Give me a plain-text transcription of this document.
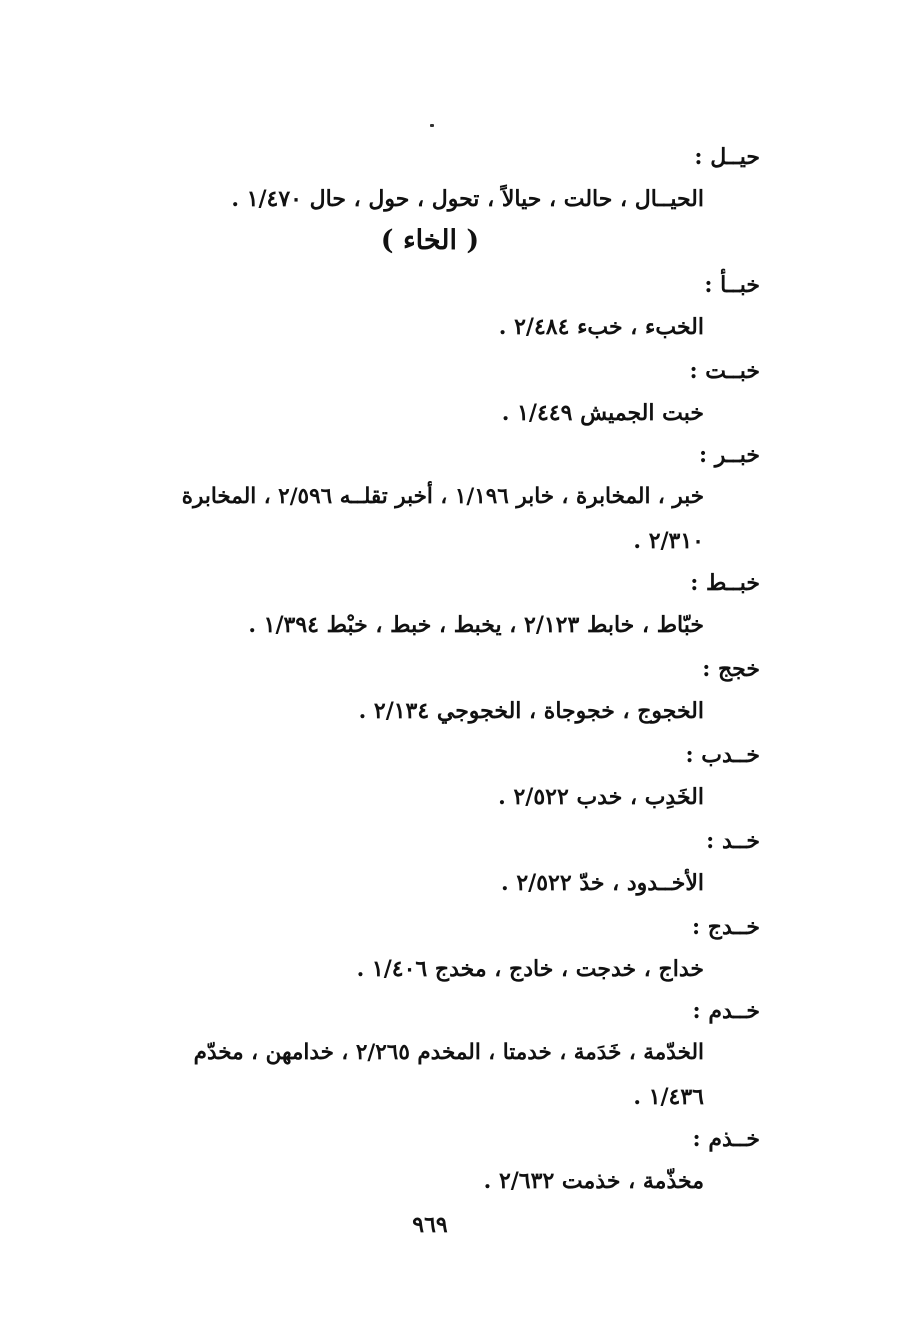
حيــل :
الحيــال ، حالت ، حيالاً ، تحول ، حول ، حال ١/٤٧٠ .
( الخاء )
خبــأ :
الخبء ، خبء ٢/٤٨٤ .
خبــت :
خبت الجميش ١/٤٤٩ .
خبــر :
خبر ، المخابرة ، خابر ١/١٩٦ ، أخبر تقلــه ٢/٥٩٦ ، المخابرة
٢/٣١٠ .
خبــط :
خبّاط ، خابط ٢/١٢٣ ، يخبط ، خبط ، خبْط ١/٣٩٤ .
خجج :
الخجوج ، خجوجاة ، الخجوجي ٢/١٣٤ .
خــدب :
الخَدِب ، خدب ٢/٥٢٢ .
خــد :
الأخــدود ، خدّ ٢/٥٢٢ .
خــدج :
خداج ، خدجت ، خادج ، مخدج ١/٤٠٦ .
خــدم :
الخدّمة ، خَدَمة ، خدمتا ، المخدم ٢/٢٦٥ ، خدامهن ، مخدّم
١/٤٣٦ .
خــذم :
مخذّمة ، خذمت ٢/٦٣٢ .
٩٦٩
